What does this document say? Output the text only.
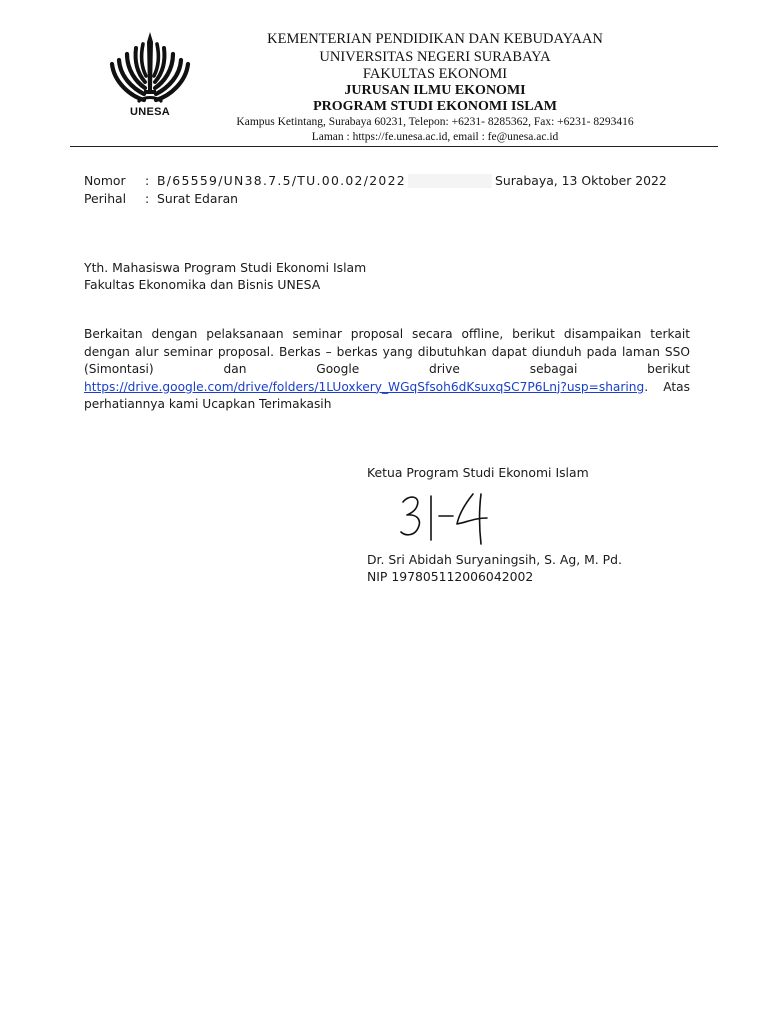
UNESA
KEMENTERIAN PENDIDIKAN DAN KEBUDAYAAN
UNIVERSITAS NEGERI SURABAYA
FAKULTAS EKONOMI
JURUSAN ILMU EKONOMI
PROGRAM STUDI EKONOMI ISLAM
Kampus Ketintang, Surabaya 60231, Telepon: +6231- 8285362, Fax: +6231- 8293416
Laman : https://fe.unesa.ac.id, email : fe@unesa.ac.id
Nomor : B/65559/UN38.7.5/TU.00.02/2022	Surabaya, 13 Oktober 2022
Perihal : Surat Edaran
Yth. Mahasiswa Program Studi Ekonomi Islam
Fakultas Ekonomika dan Bisnis UNESA
Berkaitan dengan pelaksanaan seminar proposal secara offline, berikut disampaikan terkait dengan alur seminar proposal. Berkas – berkas yang dibutuhkan dapat diunduh pada laman SSO (Simontasi) dan Google drive sebagai berikut https://drive.google.com/drive/folders/1LUoxkery_WGqSfsoh6dKsuxqSC7P6Lnj?usp=sharing. Atas perhatiannya kami Ucapkan Terimakasih
Ketua Program Studi Ekonomi Islam
Dr. Sri Abidah Suryaningsih, S. Ag, M. Pd.
NIP 197805112006042002
